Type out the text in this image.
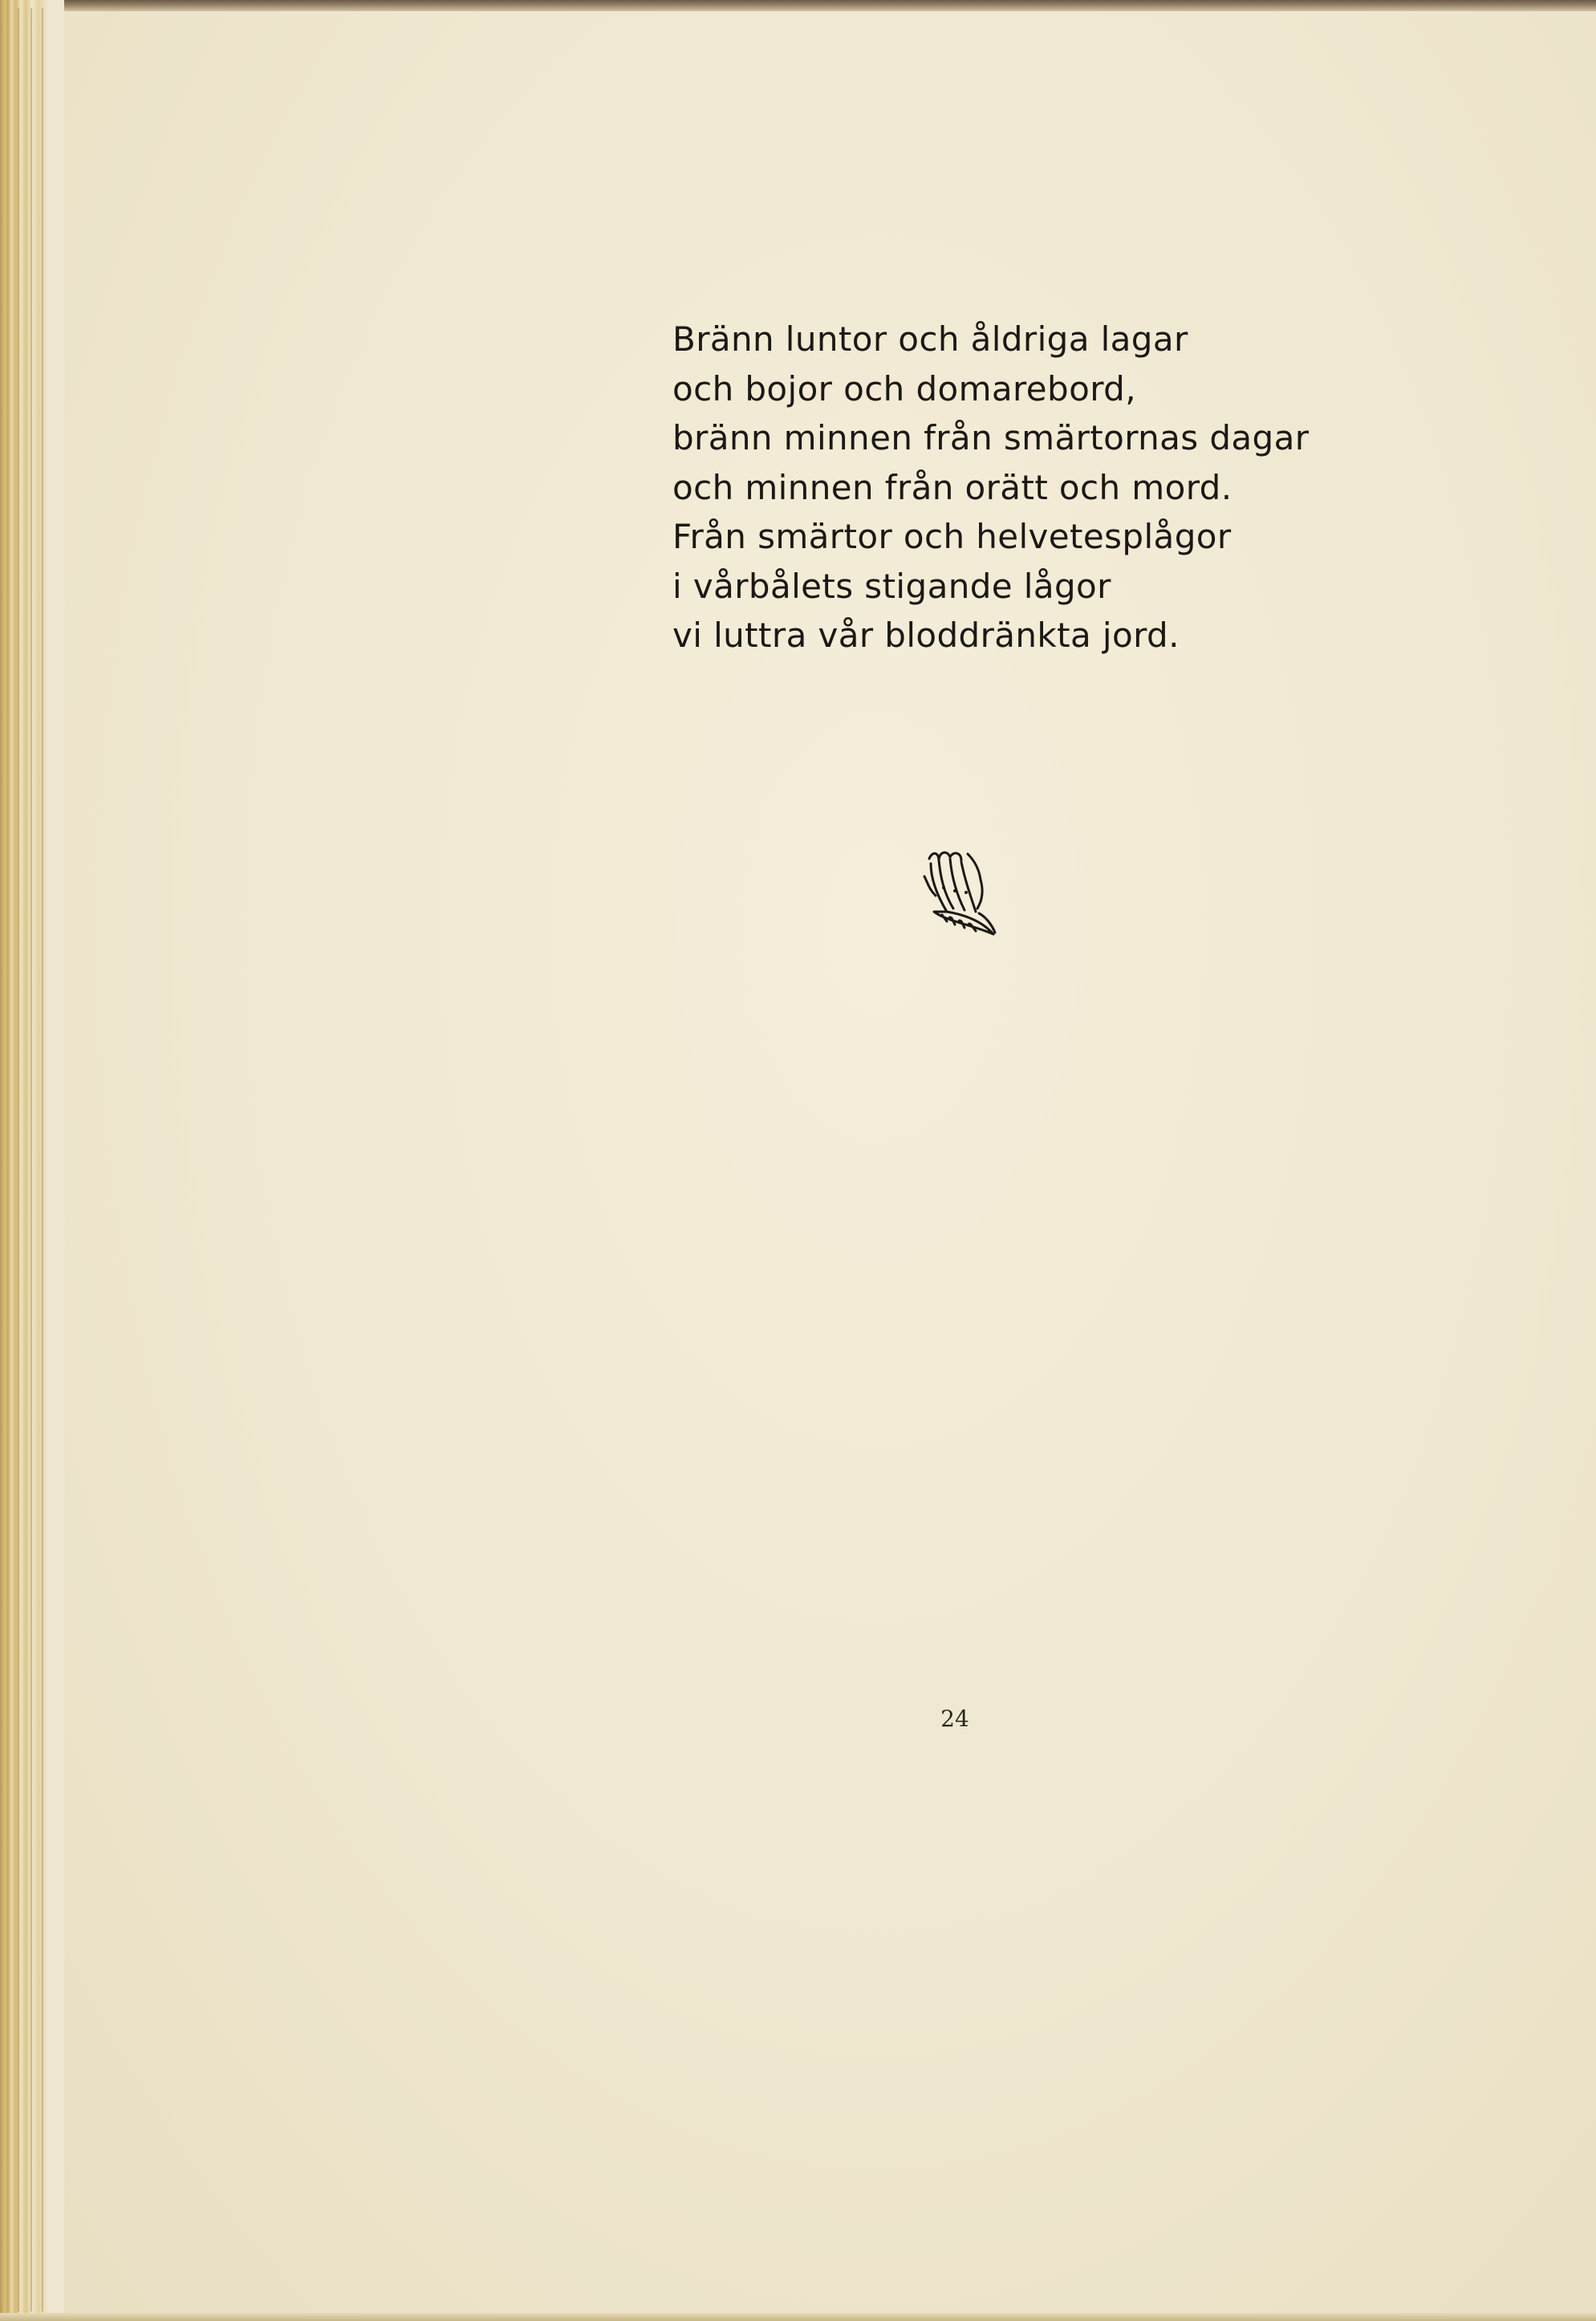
Bränn luntor och åldriga lagar
och bojor och domarebord,
bränn minnen från smärtornas dagar
och minnen från orätt och mord.
Från smärtor och helvetesplågor
i vårbålets stigande lågor
vi luttra vår bloddränkta jord.
24
